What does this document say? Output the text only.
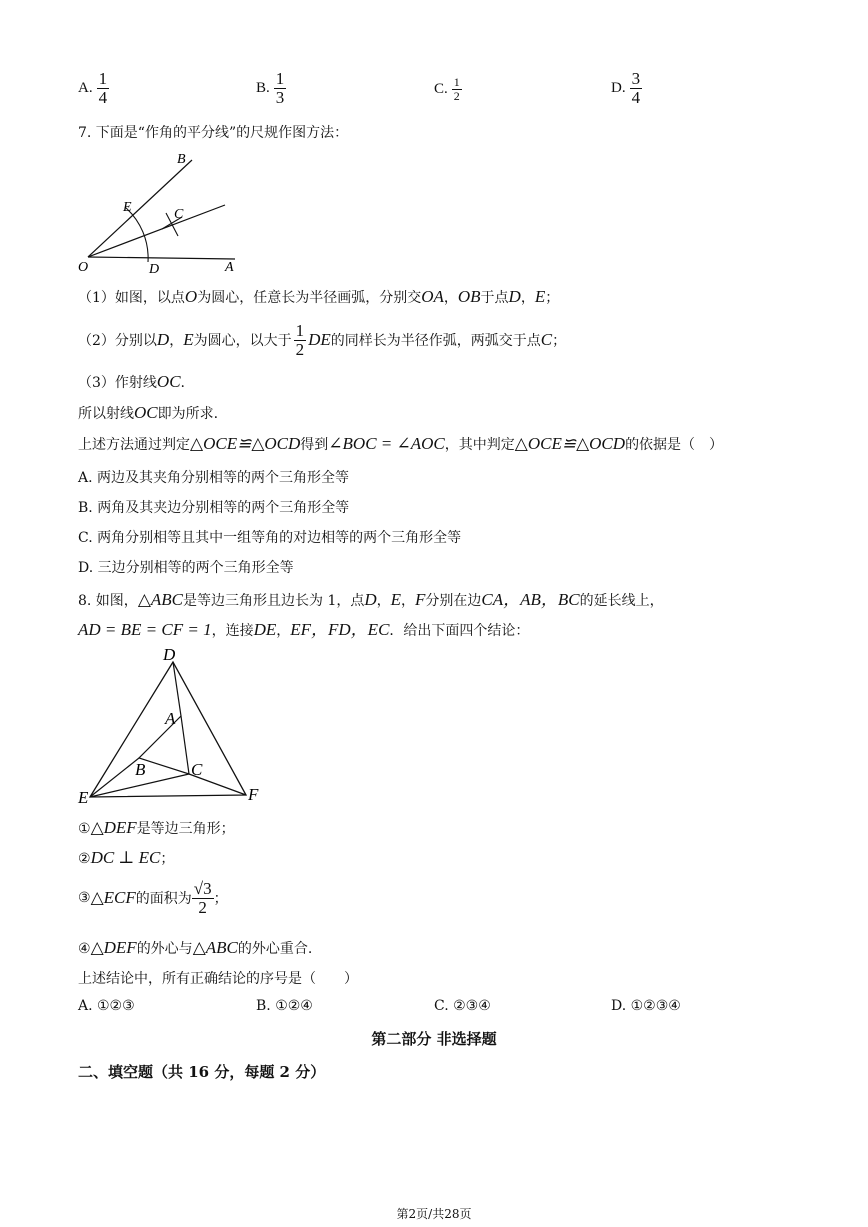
A. $\frac{1}{4}$	B. $\frac{1}{3}$	C. $\frac{1}{2}$	D. $\frac{3}{4}$
7. 下面是“作角的平分线”的尺规作图方法：
B
E	C
O	D	A
（1）如图，以点O为圆心，任意长为半径画弧，分别交OA，OB于点D，E；
（2）分别以 D ， E 为圆心，以大于 $\frac{1}{2}$ DE 的同样长为半径作弧，两弧交于点 C ；
（3）作射线OC.
所以射线OC即为所求.
上述方法通过判定△OCE≌△OCD得到∠BOC = ∠AOC，其中判定△OCE≌△OCD的依据是（　）
A. 两边及其夹角分别相等的两个三角形全等
B. 两角及其夹边分别相等的两个三角形全等
C. 两角分别相等且其中一组等角的对边相等的两个三角形全等
D. 三边分别相等的两个三角形全等
8. 如图，△ABC是等边三角形且边长为 1，点D，E，F分别在边CA，AB，BC的延长线上，
AD = BE = CF = 1，连接DE，EF，FD，EC．给出下面四个结论：
D
A
B	C
E	F
①△DEF是等边三角形；
②DC ⊥ EC；
③ △ECF 的面积为 $\frac{√3}{2}$ ；
④△DEF的外心与△ABC的外心重合.
上述结论中，所有正确结论的序号是（　　）
A. ①②③	B. ①②④	C. ②③④	D. ①②③④
第二部分 非选择题
二、填空题（共 16 分，每题 2 分）
第2页/共28页
